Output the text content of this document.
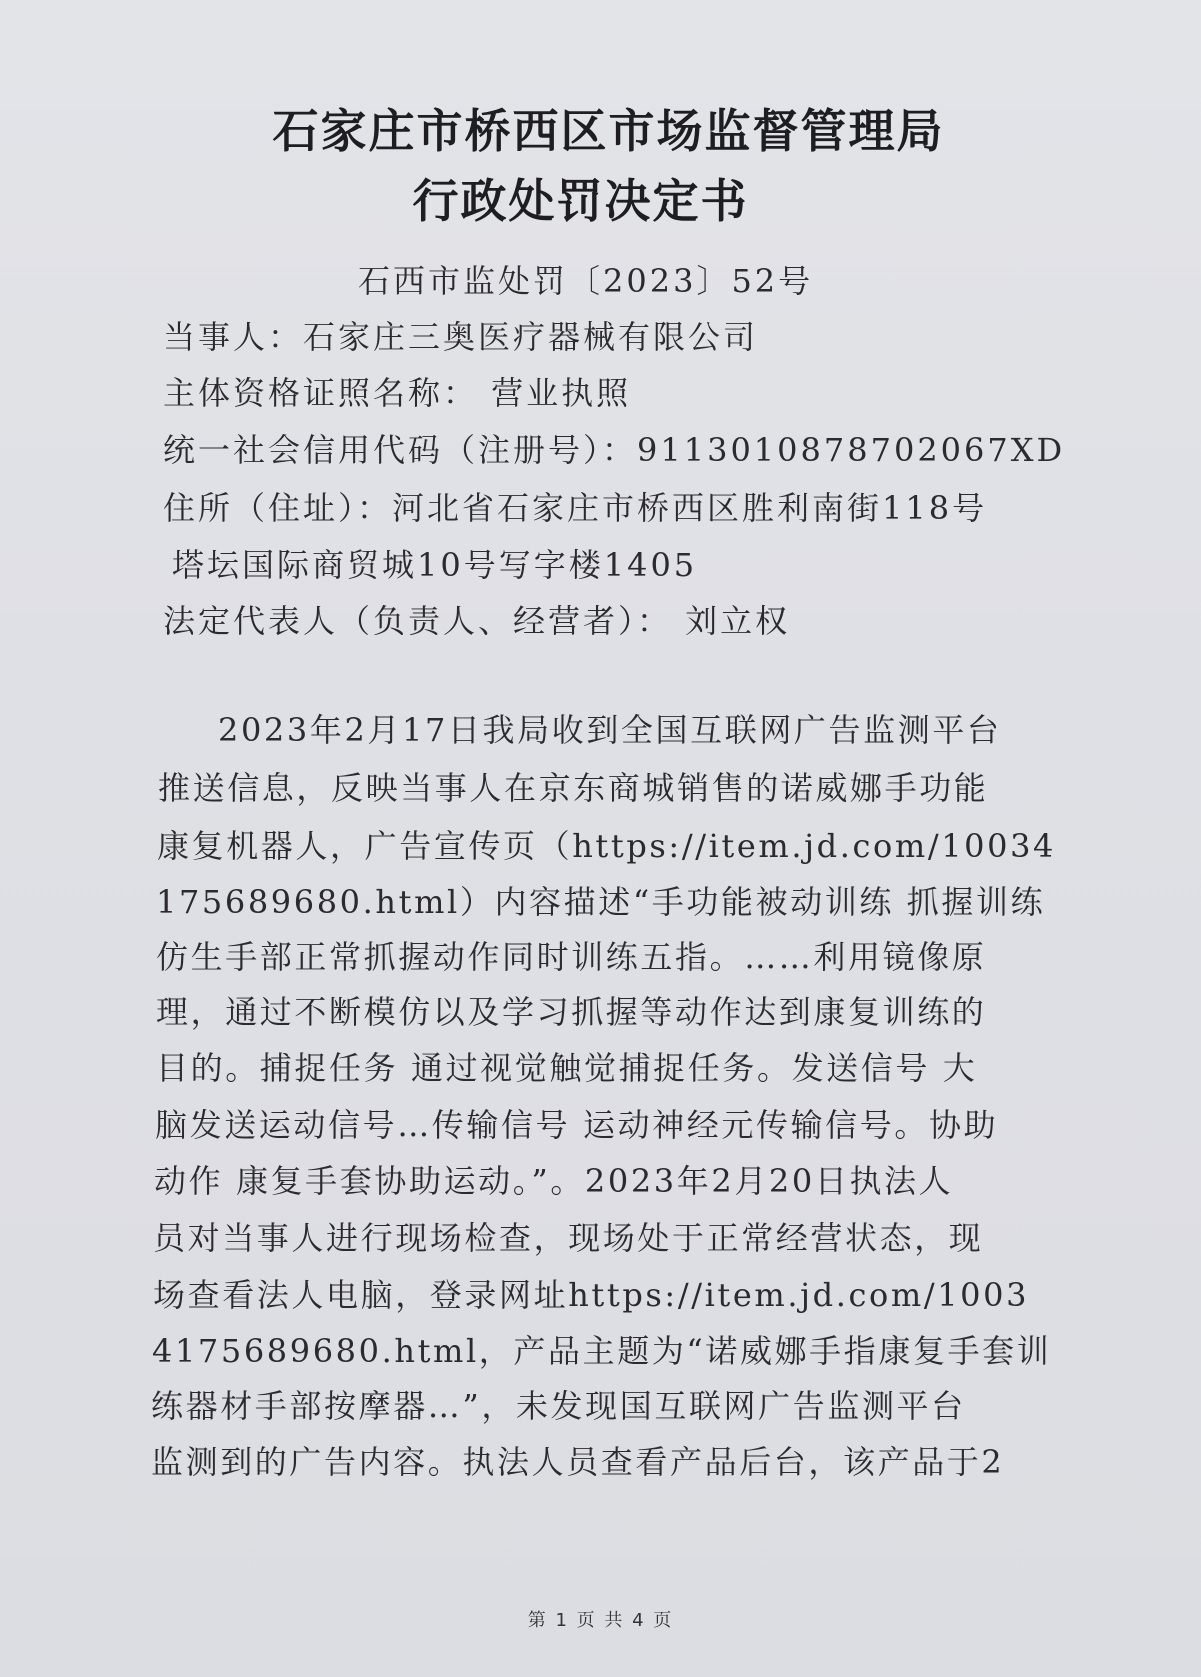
石家庄市桥西区市场监督管理局
行政处罚决定书
石西市监处罚〔2023〕52号
当事人：石家庄三奥医疗器械有限公司
主体资格证照名称： 营业执照
统一社会信用代码（注册号）：9113010878702067XD
住所（住址）：河北省石家庄市桥西区胜利南街118号
塔坛国际商贸城10号写字楼1405
法定代表人（负责人、经营者）： 刘立权
2023年2月17日我局收到全国互联网广告监测平台
推送信息，反映当事人在京东商城销售的诺威娜手功能
康复机器人，广告宣传页（https://item.jd.com/10034
175689680.html）内容描述“手功能被动训练 抓握训练
仿生手部正常抓握动作同时训练五指。……利用镜像原
理，通过不断模仿以及学习抓握等动作达到康复训练的
目的。捕捉任务 通过视觉触觉捕捉任务。发送信号 大
脑发送运动信号…传输信号 运动神经元传输信号。协助
动作 康复手套协助运动。”。2023年2月20日执法人
员对当事人进行现场检查，现场处于正常经营状态，现
场查看法人电脑，登录网址https://item.jd.com/1003
4175689680.html，产品主题为“诺威娜手指康复手套训
练器材手部按摩器…”，未发现国互联网广告监测平台
监测到的广告内容。执法人员查看产品后台，该产品于2
第 1 页 共 4 页
